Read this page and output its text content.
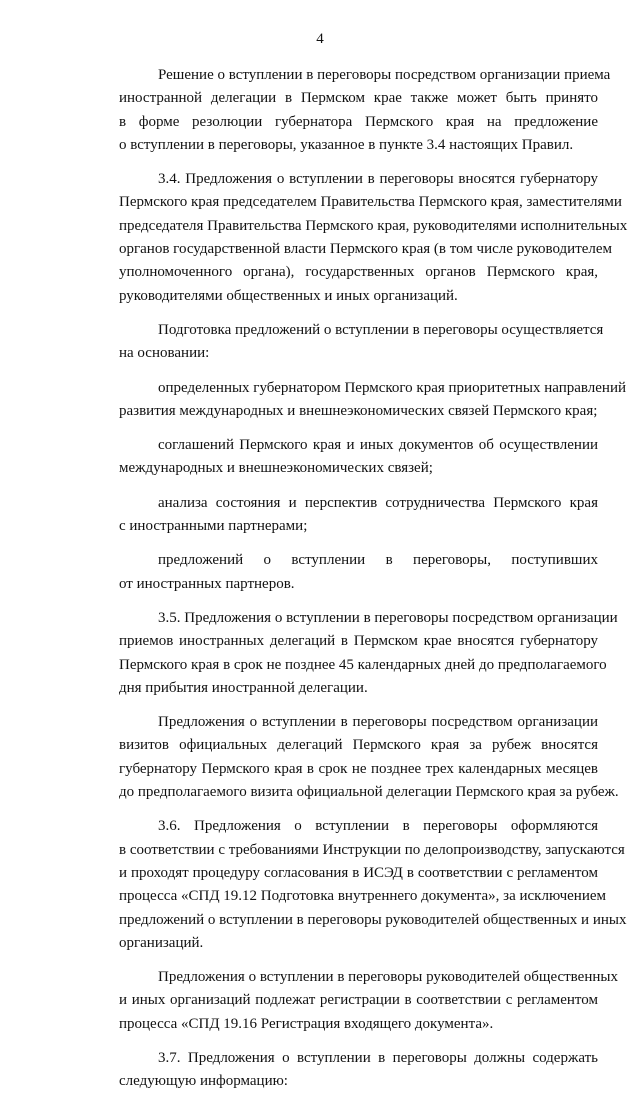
4
Решение о вступлении в переговоры посредством организации приема
иностранной делегации в Пермском крае также может быть принято
в форме резолюции губернатора Пермского края на предложение
о вступлении в переговоры, указанное в пункте 3.4 настоящих Правил.
3.4. Предложения о вступлении в переговоры вносятся губернатору
Пермского края председателем Правительства Пермского края, заместителями
председателя Правительства Пермского края, руководителями исполнительных
органов государственной власти Пермского края (в том числе руководителем
уполномоченного органа), государственных органов Пермского края,
руководителями общественных и иных организаций.
Подготовка предложений о вступлении в переговоры осуществляется
на основании:
определенных губернатором Пермского края приоритетных направлений
развития международных и внешнеэкономических связей Пермского края;
соглашений Пермского края и иных документов об осуществлении
международных и внешнеэкономических связей;
анализа состояния и перспектив сотрудничества Пермского края
с иностранными партнерами;
предложений о вступлении в переговоры, поступивших
от иностранных партнеров.
3.5. Предложения о вступлении в переговоры посредством организации
приемов иностранных делегаций в Пермском крае вносятся губернатору
Пермского края в срок не позднее 45 календарных дней до предполагаемого
дня прибытия иностранной делегации.
Предложения о вступлении в переговоры посредством организации
визитов официальных делегаций Пермского края за рубеж вносятся
губернатору Пермского края в срок не позднее трех календарных месяцев
до предполагаемого визита официальной делегации Пермского края за рубеж.
3.6. Предложения о вступлении в переговоры оформляются
в соответствии с требованиями Инструкции по делопроизводству, запускаются
и проходят процедуру согласования в ИСЭД в соответствии с регламентом
процесса «СПД 19.12 Подготовка внутреннего документа», за исключением
предложений о вступлении в переговоры руководителей общественных и иных
организаций.
Предложения о вступлении в переговоры руководителей общественных
и иных организаций подлежат регистрации в соответствии с регламентом
процесса «СПД 19.16 Регистрация входящего документа».
3.7. Предложения о вступлении в переговоры должны содержать
следующую информацию:
